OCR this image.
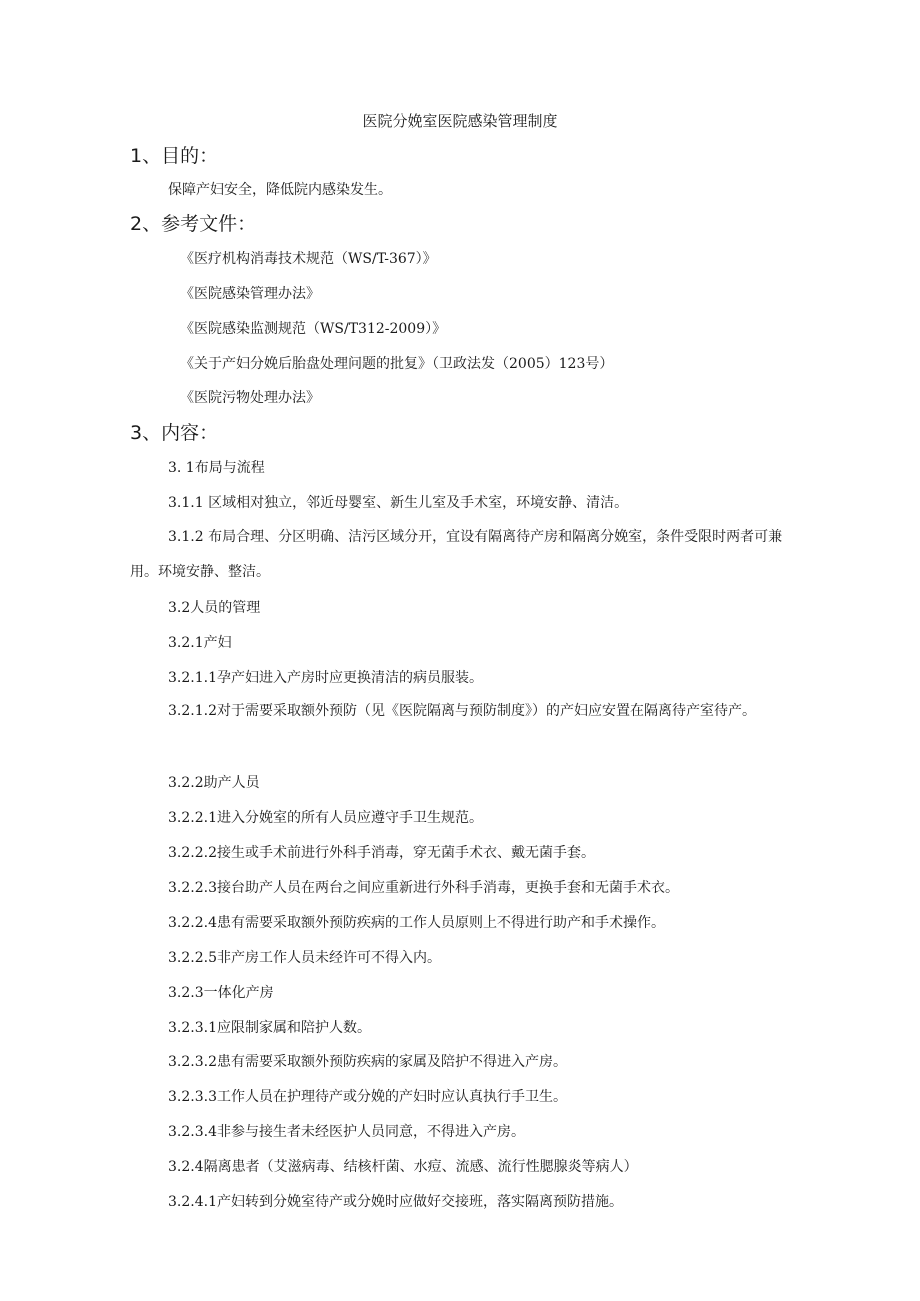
医院分娩室医院感染管理制度
1、目的：
保障产妇安全，降低院内感染发生。
2、参考文件：
《医疗机构消毒技术规范（WS/T-367）》
《医院感染管理办法》
《医院感染监测规范（WS/T312-2009）》
《关于产妇分娩后胎盘处理问题的批复》（卫政法发（2005）123号）
《医院污物处理办法》
3、内容：
3. 1布局与流程
3.1.1 区域相对独立，邻近母婴室、新生儿室及手术室，环境安静、清洁。
3.1.2 布局合理、分区明确、洁污区域分开，宜设有隔离待产房和隔离分娩室，条件受限时两者可兼用。环境安静、整洁。
3.2人员的管理
3.2.1产妇
3.2.1.1孕产妇进入产房时应更换清洁的病员服装。
3.2.1.2对于需要采取额外预防（见《医院隔离与预防制度》）的产妇应安置在隔离待产室待产。
3.2.2助产人员
3.2.2.1进入分娩室的所有人员应遵守手卫生规范。
3.2.2.2接生或手术前进行外科手消毒，穿无菌手术衣、戴无菌手套。
3.2.2.3接台助产人员在两台之间应重新进行外科手消毒，更换手套和无菌手术衣。
3.2.2.4患有需要采取额外预防疾病的工作人员原则上不得进行助产和手术操作。
3.2.2.5非产房工作人员未经许可不得入内。
3.2.3一体化产房
3.2.3.1应限制家属和陪护人数。
3.2.3.2患有需要采取额外预防疾病的家属及陪护不得进入产房。
3.2.3.3工作人员在护理待产或分娩的产妇时应认真执行手卫生。
3.2.3.4非参与接生者未经医护人员同意，不得进入产房。
3.2.4隔离患者（艾滋病毒、结核杆菌、水痘、流感、流行性腮腺炎等病人）
3.2.4.1产妇转到分娩室待产或分娩时应做好交接班，落实隔离预防措施。
